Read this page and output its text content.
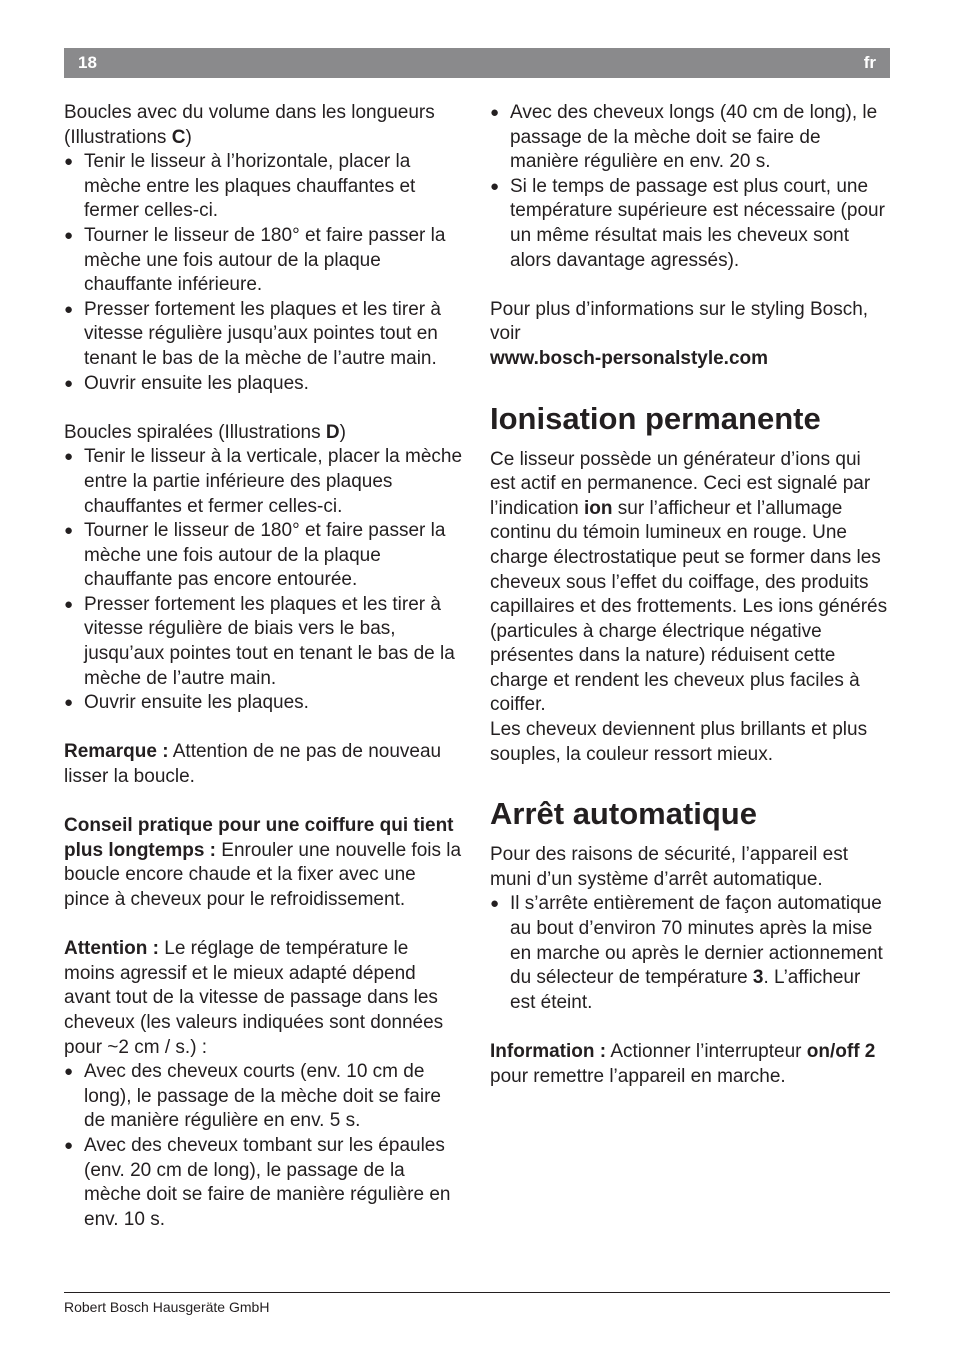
18	fr

Boucles avec du volume dans les longueurs (Illustrations C)

● Tenir le lisseur à l’horizontale, placer la mèche entre les plaques chauffantes et fermer celles-ci.
● Tourner le lisseur de 180° et faire passer la mèche une fois autour de la plaque chauffante inférieure.
● Presser fortement les plaques et les tirer à vitesse régulière jusqu’aux pointes tout en tenant le bas de la mèche de l’autre main.
● Ouvrir ensuite les plaques.

Boucles spiralées (Illustrations D)

● Tenir le lisseur à la verticale, placer la mèche entre la partie inférieure des plaques chauffantes et fermer celles-ci.
● Tourner le lisseur de 180° et faire passer la mèche une fois autour de la plaque chauffante pas encore entourée.
● Presser fortement les plaques et les tirer à vitesse régulière de biais vers le bas, jusqu’aux pointes tout en tenant le bas de la mèche de l’autre main.
● Ouvrir ensuite les plaques.

Remarque : Attention de ne pas de nouveau lisser la boucle.

Conseil pratique pour une coiffure qui tient plus longtemps : Enrouler une nouvelle fois la boucle encore chaude et la fixer avec une pince à cheveux pour le refroidissement.

Attention : Le réglage de température le moins agressif et le mieux adapté dépend avant tout de la vitesse de passage dans les cheveux (les valeurs indiquées sont données pour ~2 cm / s.) :

● Avec des cheveux courts (env. 10 cm de long), le passage de la mèche doit se faire de manière régulière en env. 5 s.
● Avec des cheveux tombant sur les épaules (env. 20 cm de long), le passage de la mèche doit se faire de manière régulière en env. 10 s.
● Avec des cheveux longs (40 cm de long), le passage de la mèche doit se faire de manière régulière en env. 20 s.
● Si le temps de passage est plus court, une température supérieure est nécessaire (pour un même résultat mais les cheveux sont alors davantage agressés).

Pour plus d’informations sur le styling Bosch, voir
www.bosch-personalstyle.com

Ionisation permanente

Ce lisseur possède un générateur d’ions qui est actif en permanence. Ceci est signalé par l’indication ion sur l’afficheur et l’allumage continu du témoin lumineux en rouge. Une charge électrostatique peut se former dans les cheveux sous l’effet du coiffage, des produits capillaires et des frottements. Les ions générés (particules à charge électrique négative présentes dans la nature) réduisent cette charge et rendent les cheveux plus faciles à coiffer.

Les cheveux deviennent plus brillants et plus souples, la couleur ressort mieux.

Arrêt automatique

Pour des raisons de sécurité, l’appareil est muni d’un système d’arrêt automatique.

● Il s’arrête entièrement de façon automatique au bout d’environ 70 minutes après la mise en marche ou après le dernier actionnement du sélecteur de température 3. L’afficheur est éteint.

Information : Actionner l’interrupteur on/off 2 pour remettre l’appareil en marche.

Robert Bosch Hausgeräte GmbH
